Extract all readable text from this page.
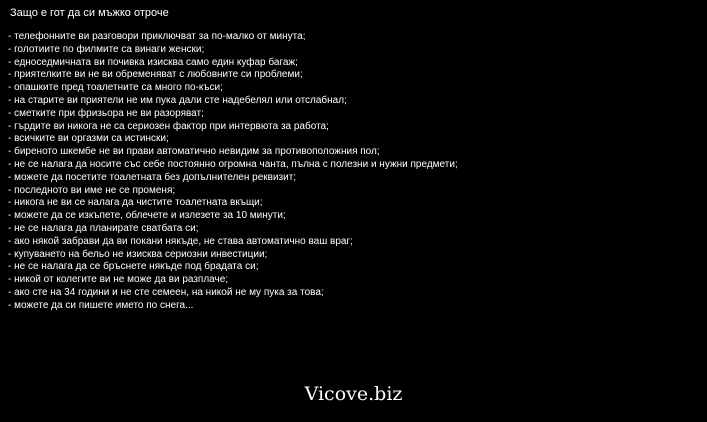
Защо е гот да си мъжко отроче
- телефонните ви разговори приключват за по-малко от минута;
- голотиите по филмите са винаги женски;
- едноседмичната ви почивка изисква само един куфар багаж;
- приятелките ви не ви обременяват с любовните си проблеми;
- опашките пред тоалетните са много по-къси;
- на старите ви приятели не им пука дали сте надебелял или отслабнал;
- сметките при фризьора не ви разоряват;
- гърдите ви никога не са сериозен фактор при интервюта за работа;
- всичките ви оргазми са истински;
- биреното шкембе не ви прави автоматично невидим за противоположния пол;
- не се налага да носите със себе постоянно огромна чанта, пълна с полезни и нужни предмети;
- можете да посетите тоалетната без допълнителен реквизит;
- последното ви име не се променя;
- никога не ви се налага да чистите тоалетната вкъщи;
- можете да се изкъпете, облечете и излезете за 10 минути;
- не се налага да планирате сватбата си;
- ако някой забрави да ви покани някъде, не става автоматично ваш враг;
- купуването на бельо не изисква сериозни инвестиции;
- не се налага да се бръснете някъде под брадата си;
- никой от колегите ви не може да ви разплаче;
- ако сте на 34 години и не сте семеен, на никой не му пука за това;
- можете да си пишете името по снега...
Vicove.biz
